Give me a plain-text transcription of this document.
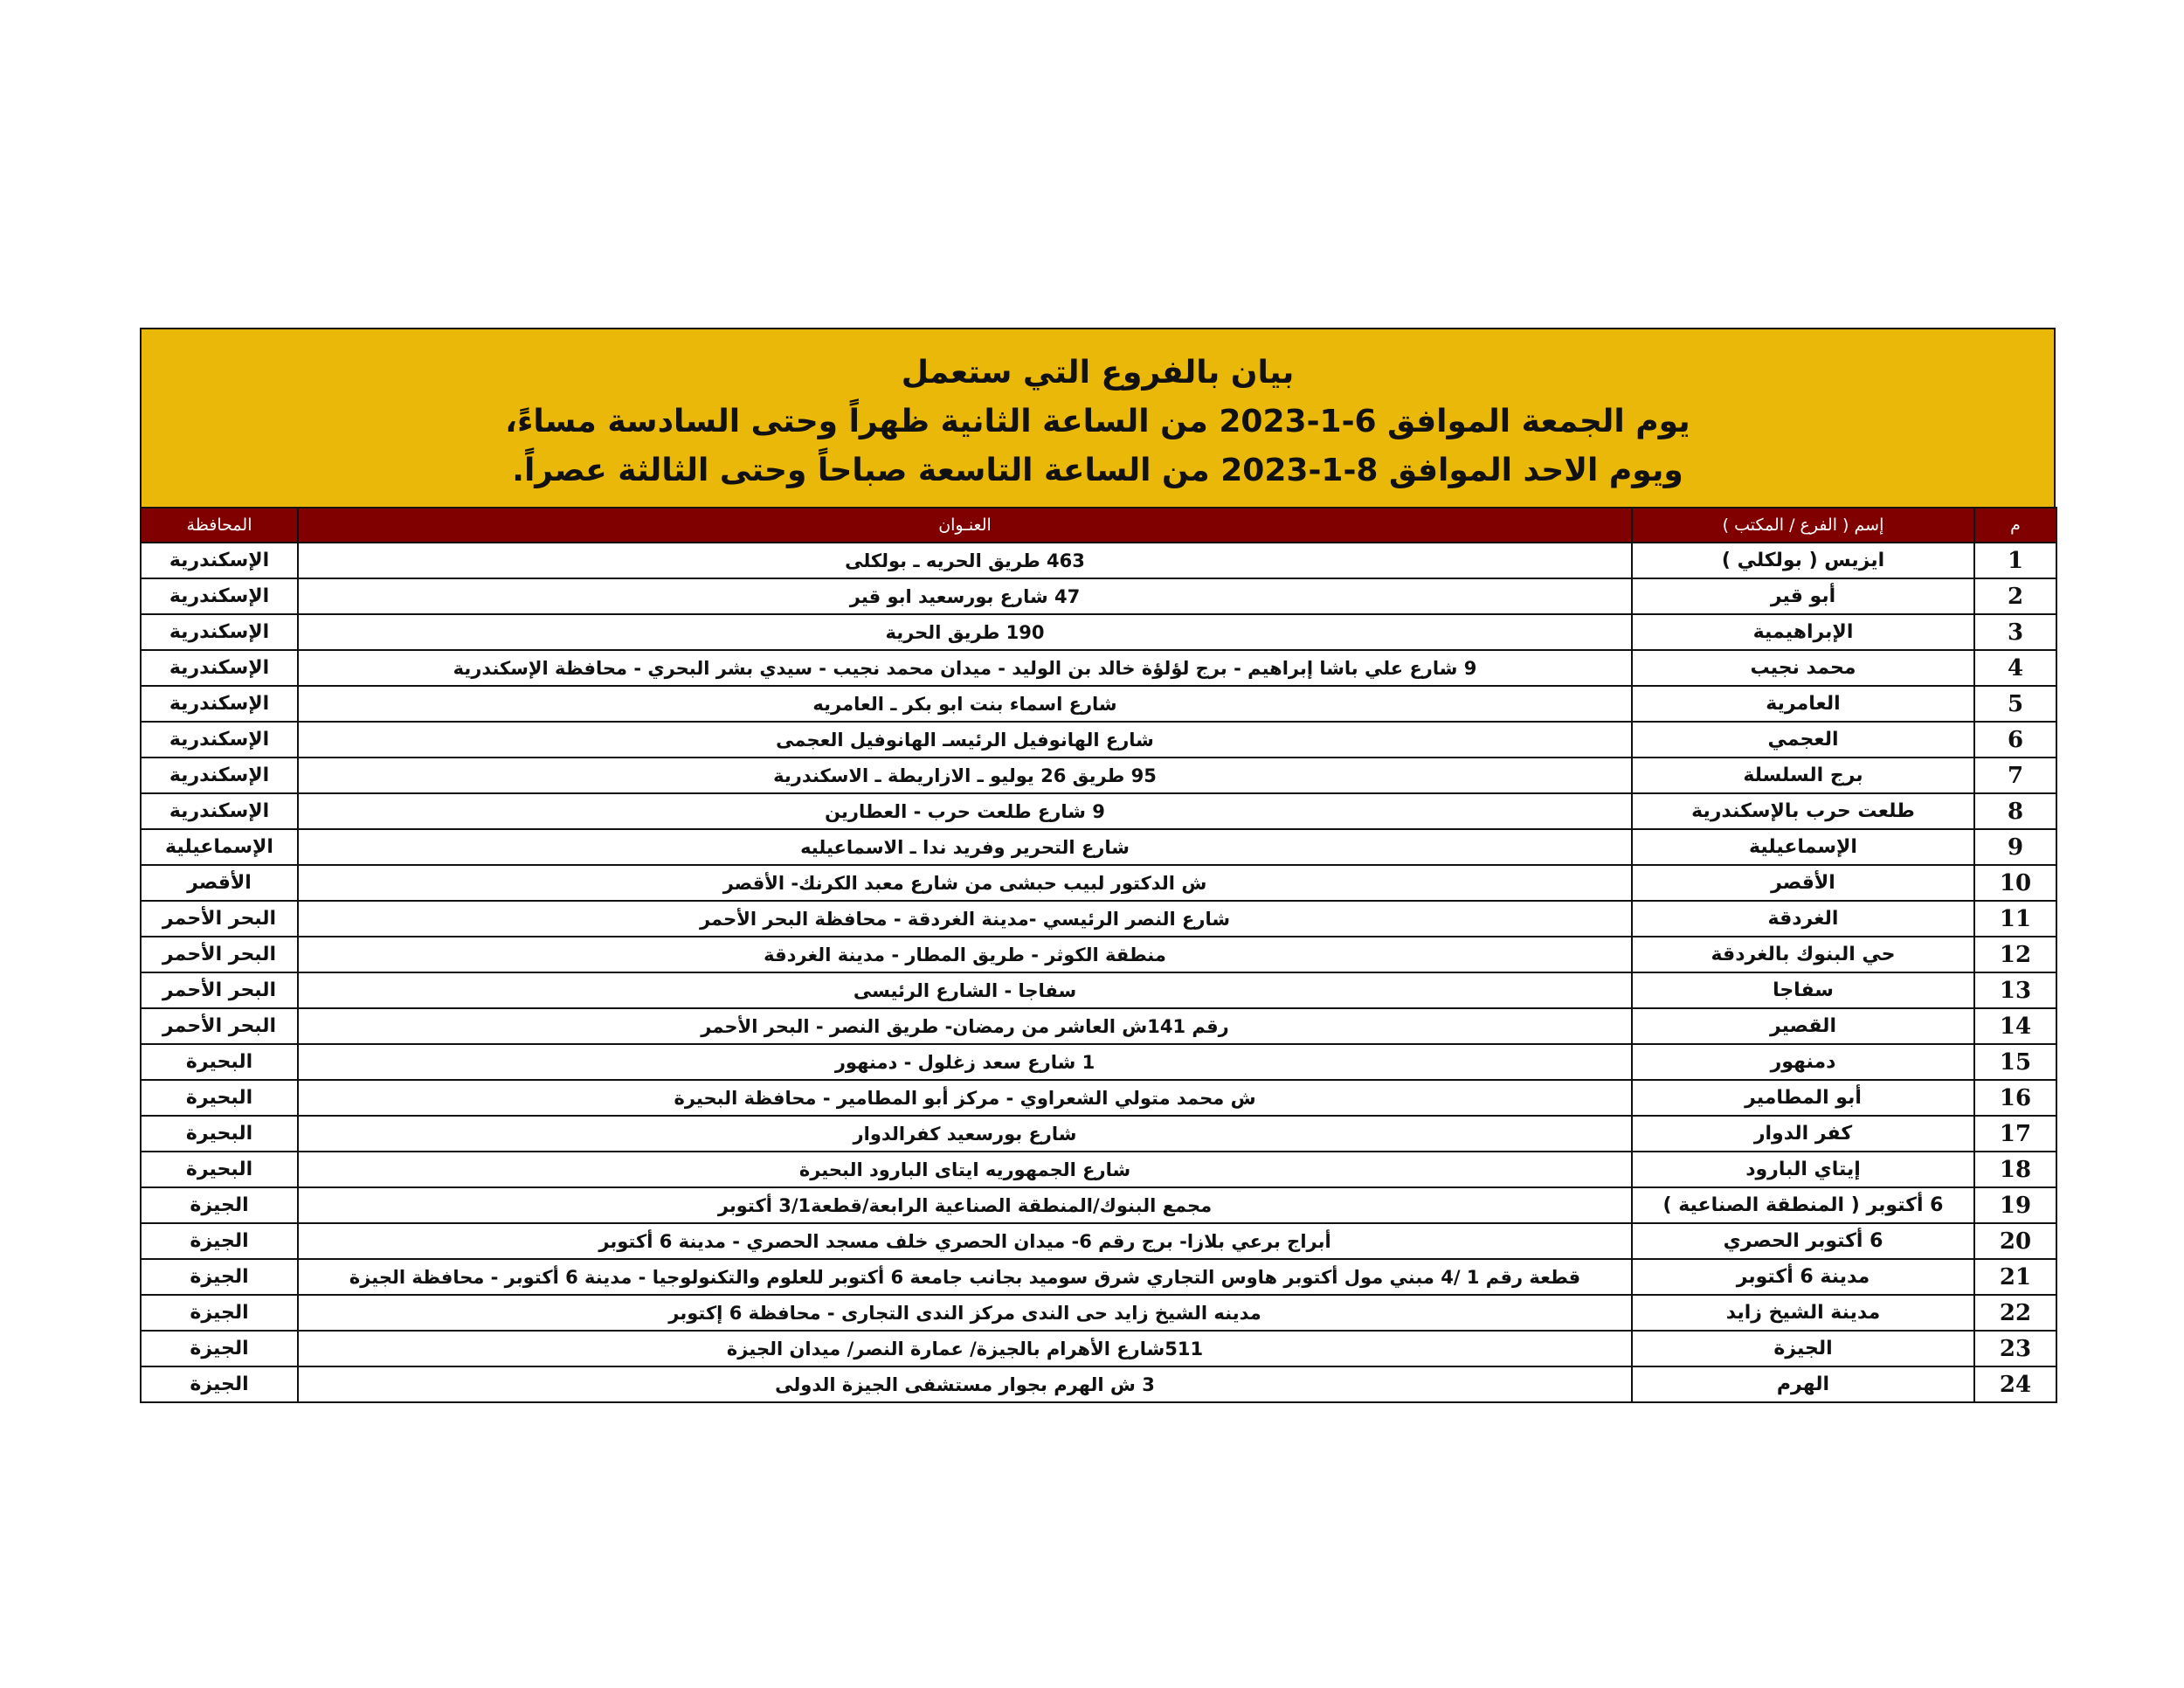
بيان بالفروع التي ستعمل
يوم الجمعة الموافق 6-1-2023 من الساعة الثانية ظهراً وحتى السادسة مساءً،
ويوم الاحد الموافق 8-1-2023 من الساعة التاسعة صباحاً وحتى الثالثة عصراً.
م	إسم ( الفرع / المكتب )	العنـوان	المحافظة
1	ايزيس ( بولكلي )	463 طريق الحريه ـ بولكلى	الإسكندرية
2	أبو قير	47 شارع بورسعيد ابو قير	الإسكندرية
3	الإبراهيمية	190 طريق الحرية	الإسكندرية
4	محمد نجيب	9 شارع علي باشا إبراهيم - برج لؤلؤة خالد بن الوليد - ميدان محمد نجيب - سيدي بشر البحري - محافظة الإسكندرية	الإسكندرية
5	العامرية	شارع اسماء بنت ابو بكر ـ العامريه	الإسكندرية
6	العجمي	شارع الهانوفيل الرئيسـ الهانوفيل العجمى	الإسكندرية
7	برج السلسلة	95 طريق 26 يوليو ـ الازاريطة ـ الاسكندرية	الإسكندرية
8	طلعت حرب بالإسكندرية	9 شارع طلعت حرب - العطارين	الإسكندرية
9	الإسماعيلية	شارع التحرير وفريد ندا ـ الاسماعيليه	الإسماعيلية
10	الأقصر	ش الدكتور لبيب حبشى من شارع معبد الكرنك- الأقصر	الأقصر
11	الغردقة	شارع النصر الرئيسي -مدينة الغردقة - محافظة البحر الأحمر	البحر الأحمر
12	حي البنوك بالغردقة	منطقة الكوثر - طريق المطار - مدينة الغردقة	البحر الأحمر
13	سفاجا	سفاجا - الشارع الرئيسى	البحر الأحمر
14	القصير	رقم 141ش العاشر من رمضان- طريق النصر - البحر الأحمر	البحر الأحمر
15	دمنهور	1 شارع سعد زغلول - دمنهور	البحيرة
16	أبو المطامير	ش محمد متولي الشعراوي - مركز أبو المطامير - محافظة البحيرة	البحيرة
17	كفر الدوار	شارع بورسعيد كفرالدوار	البحيرة
18	إيتاي البارود	شارع الجمهوريه ايتاى البارود البحيرة	البحيرة
19	6 أكتوبر ( المنطقة الصناعية )	مجمع البنوك/المنطقة الصناعية الرابعة/قطعة3/1 أكتوبر	الجيزة
20	6 أكتوبر الحصري	أبراج برعي بلازا- برج رقم 6- ميدان الحصري خلف مسجد الحصري - مدينة 6 أكتوبر	الجيزة
21	مدينة 6 أكتوبر	قطعة رقم 1 /4 مبني مول أكتوبر هاوس التجاري شرق سوميد بجانب جامعة 6 أكتوبر للعلوم والتكنولوجيا - مدينة 6 أكتوبر - محافظة الجيزة	الجيزة
22	مدينة الشيخ زايد	مدينه الشيخ زايد حى الندى مركز الندى التجارى - محافظة 6 إكتوبر	الجيزة
23	الجيزة	511شارع الأهرام بالجيزة/ عمارة النصر/ ميدان الجيزة	الجيزة
24	الهرم	3 ش الهرم بجوار مستشفى الجيزة الدولى	الجيزة
